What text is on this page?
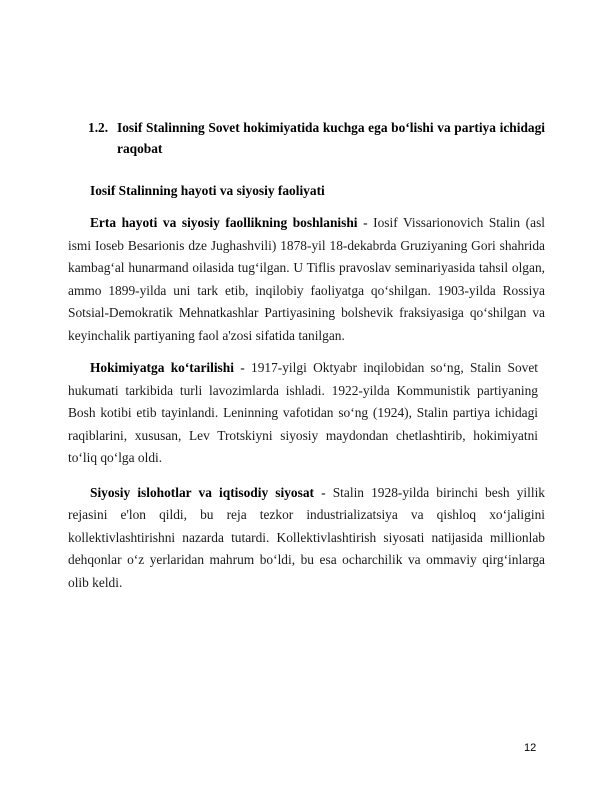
1.2. Iosif Stalinning Sovet hokimiyatida kuchga ega bo‘lishi va partiya ichidagi raqobat
Iosif Stalinning hayoti va siyosiy faoliyati

Erta hayoti va siyosiy faollikning boshlanishi - Iosif Vissarionovich Stalin (asl ismi Ioseb Besarionis dze Jughashvili) 1878-yil 18-dekabrda Gruziyaning Gori shahrida kambag‘al hunarmand oilasida tug‘ilgan. U Tiflis pravoslav seminariyasida tahsil olgan, ammo 1899-yilda uni tark etib, inqilobiy faoliyatga qo‘shilgan. 1903-yilda Rossiya Sotsial-Demokratik Mehnatkashlar Partiyasining bolshevik fraksiyasiga qo‘shilgan va keyinchalik partiyaning faol a'zosi sifatida tanilgan.

Hokimiyatga ko‘tarilishi - 1917-yilgi Oktyabr inqilobidan so‘ng, Stalin Sovet hukumati tarkibida turli lavozimlarda ishladi. 1922-yilda Kommunistik partiyaning Bosh kotibi etib tayinlandi. Leninning vafotidan so‘ng (1924), Stalin partiya ichidagi raqiblarini, xususan, Lev Trotskiyni siyosiy maydondan chetlashtirib, hokimiyatni to‘liq qo‘lga oldi.

Siyosiy islohotlar va iqtisodiy siyosat - Stalin 1928-yilda birinchi besh yillik rejasini e'lon qildi, bu reja tezkor industrializatsiya va qishloq xo‘jaligini kollektivlashtirishni nazarda tutardi. Kollektivlashtirish siyosati natijasida millionlab dehqonlar o‘z yerlaridan mahrum bo‘ldi, bu esa ocharchilik va ommaviy qirg‘inlarga olib keldi.

12
